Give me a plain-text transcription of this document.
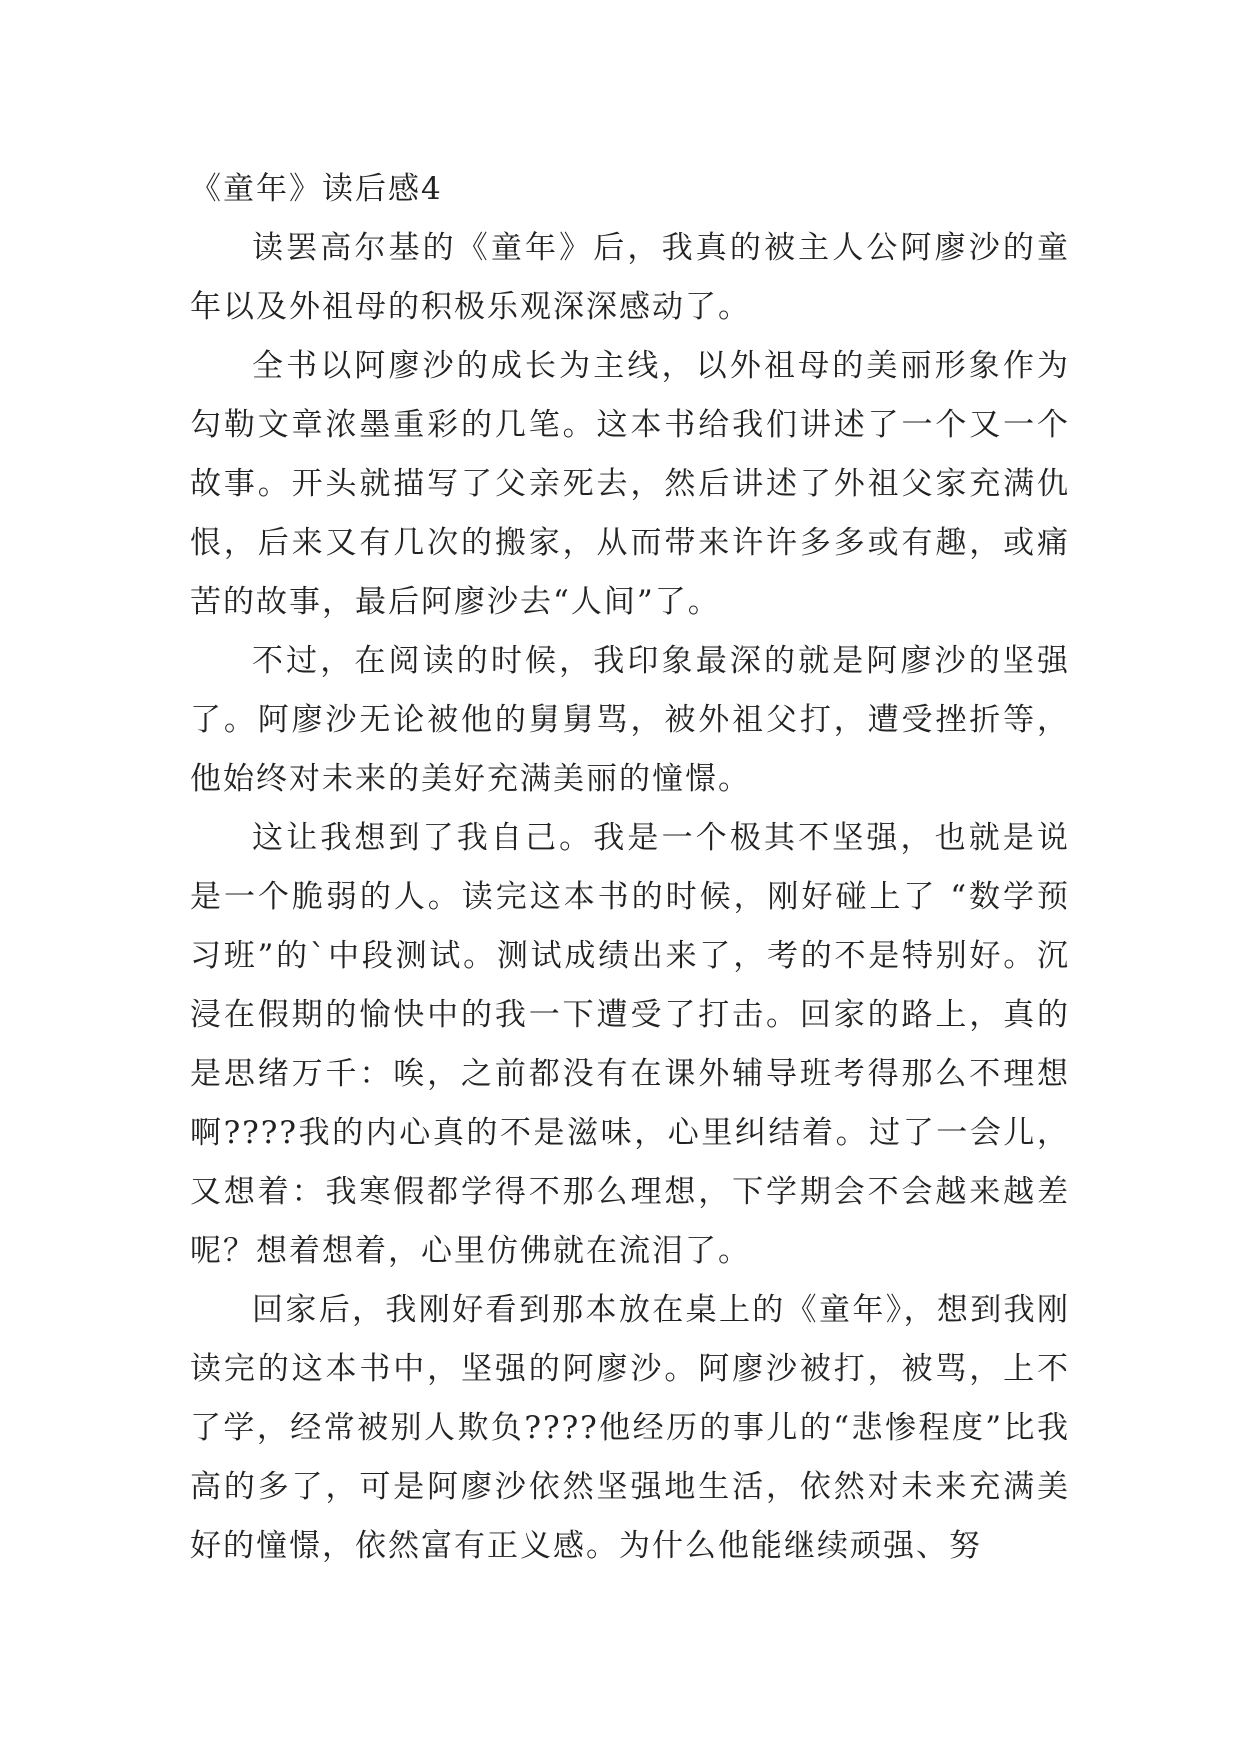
《童年》读后感4

读罢高尔基的《童年》后，我真的被主人公阿廖沙的童年以及外祖母的积极乐观深深感动了。

全书以阿廖沙的成长为主线，以外祖母的美丽形象作为勾勒文章浓墨重彩的几笔。这本书给我们讲述了一个又一个故事。开头就描写了父亲死去，然后讲述了外祖父家充满仇恨，后来又有几次的搬家，从而带来许许多多或有趣，或痛苦的故事，最后阿廖沙去“人间”了。

不过，在阅读的时候，我印象最深的就是阿廖沙的坚强了。阿廖沙无论被他的舅舅骂，被外祖父打，遭受挫折等，他始终对未来的美好充满美丽的憧憬。

这让我想到了我自己。我是一个极其不坚强，也就是说是一个脆弱的人。读完这本书的时候，刚好碰上了 “数学预习班”的`中段测试。测试成绩出来了，考的不是特别好。沉浸在假期的愉快中的我一下遭受了打击。回家的路上，真的是思绪万千：唉，之前都没有在课外辅导班考得那么不理想啊????我的内心真的不是滋味，心里纠结着。过了一会儿，又想着：我寒假都学得不那么理想，下学期会不会越来越差呢？想着想着，心里仿佛就在流泪了。

回家后，我刚好看到那本放在桌上的《童年》，想到我刚读完的这本书中，坚强的阿廖沙。阿廖沙被打，被骂，上不了学，经常被别人欺负????他经历的事儿的“悲惨程度”比我高的多了，可是阿廖沙依然坚强地生活，依然对未来充满美好的憧憬，依然富有正义感。为什么他能继续顽强、努
